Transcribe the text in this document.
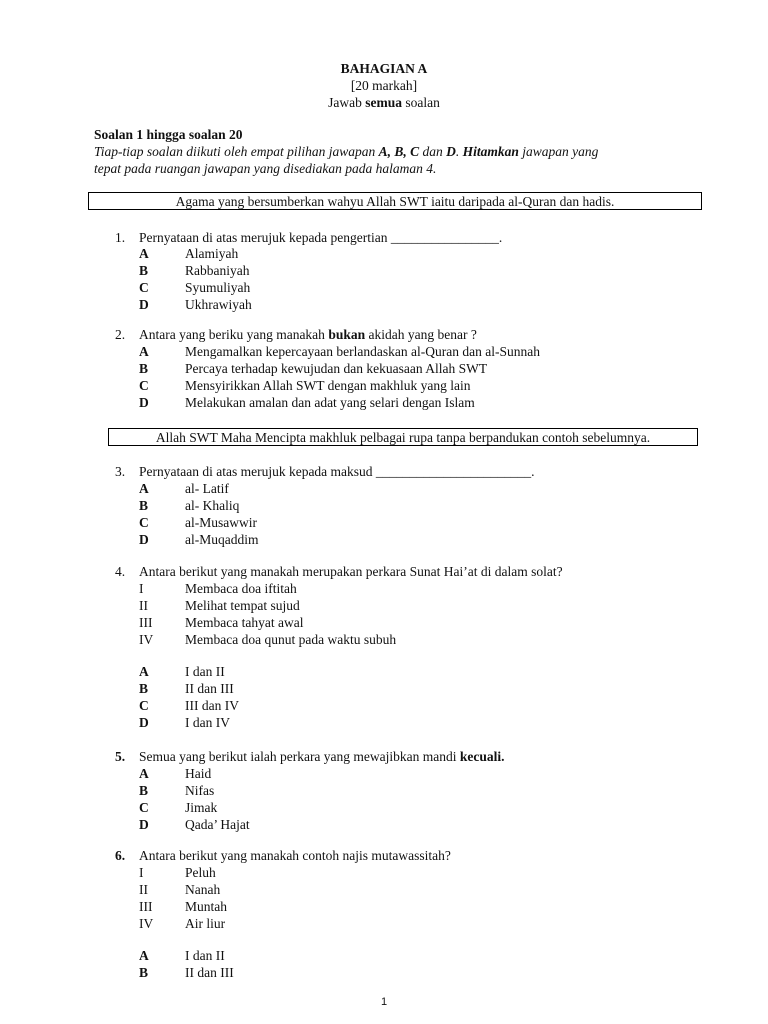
BAHAGIAN A
[20 markah]
Jawab semua soalan
Soalan 1 hingga soalan 20
Tiap-tiap soalan diikuti oleh empat pilihan jawapan A, B, C dan D. Hitamkan jawapan yang
tepat pada ruangan jawapan yang disediakan pada halaman 4.
Agama yang bersumberkan wahyu Allah SWT iaitu daripada al-Quran dan hadis.
1.	Pernyataan di atas merujuk kepada pengertian ________________.
A	Alamiyah
B	Rabbaniyah
C	Syumuliyah
D	Ukhrawiyah
2.	Antara yang beriku yang manakah bukan akidah yang benar ?
A	Mengamalkan kepercayaan berlandaskan al-Quran dan al-Sunnah
B	Percaya terhadap kewujudan dan kekuasaan Allah SWT
C	Mensyirikkan Allah SWT dengan makhluk yang lain
D	Melakukan amalan dan adat yang selari dengan Islam
Allah SWT Maha Mencipta makhluk pelbagai rupa tanpa berpandukan contoh sebelumnya.
3.	Pernyataan di atas merujuk kepada maksud _______________________.
A	al- Latif
B	al- Khaliq
C	al-Musawwir
D	al-Muqaddim
4.	Antara berikut yang manakah merupakan perkara Sunat Hai’at di dalam solat?
I	Membaca doa iftitah
II	Melihat tempat sujud
III	Membaca tahyat awal
IV	Membaca doa qunut pada waktu subuh
A	I dan II
B	II dan III
C	III dan IV
D	I dan IV
5.	Semua yang berikut ialah perkara yang mewajibkan mandi kecuali.
A	Haid
B	Nifas
C	Jimak
D	Qada’ Hajat
6.	Antara berikut yang manakah contoh najis mutawassitah?
I	Peluh
II	Nanah
III	Muntah
IV	Air liur
A	I dan II
B	II dan III
1
